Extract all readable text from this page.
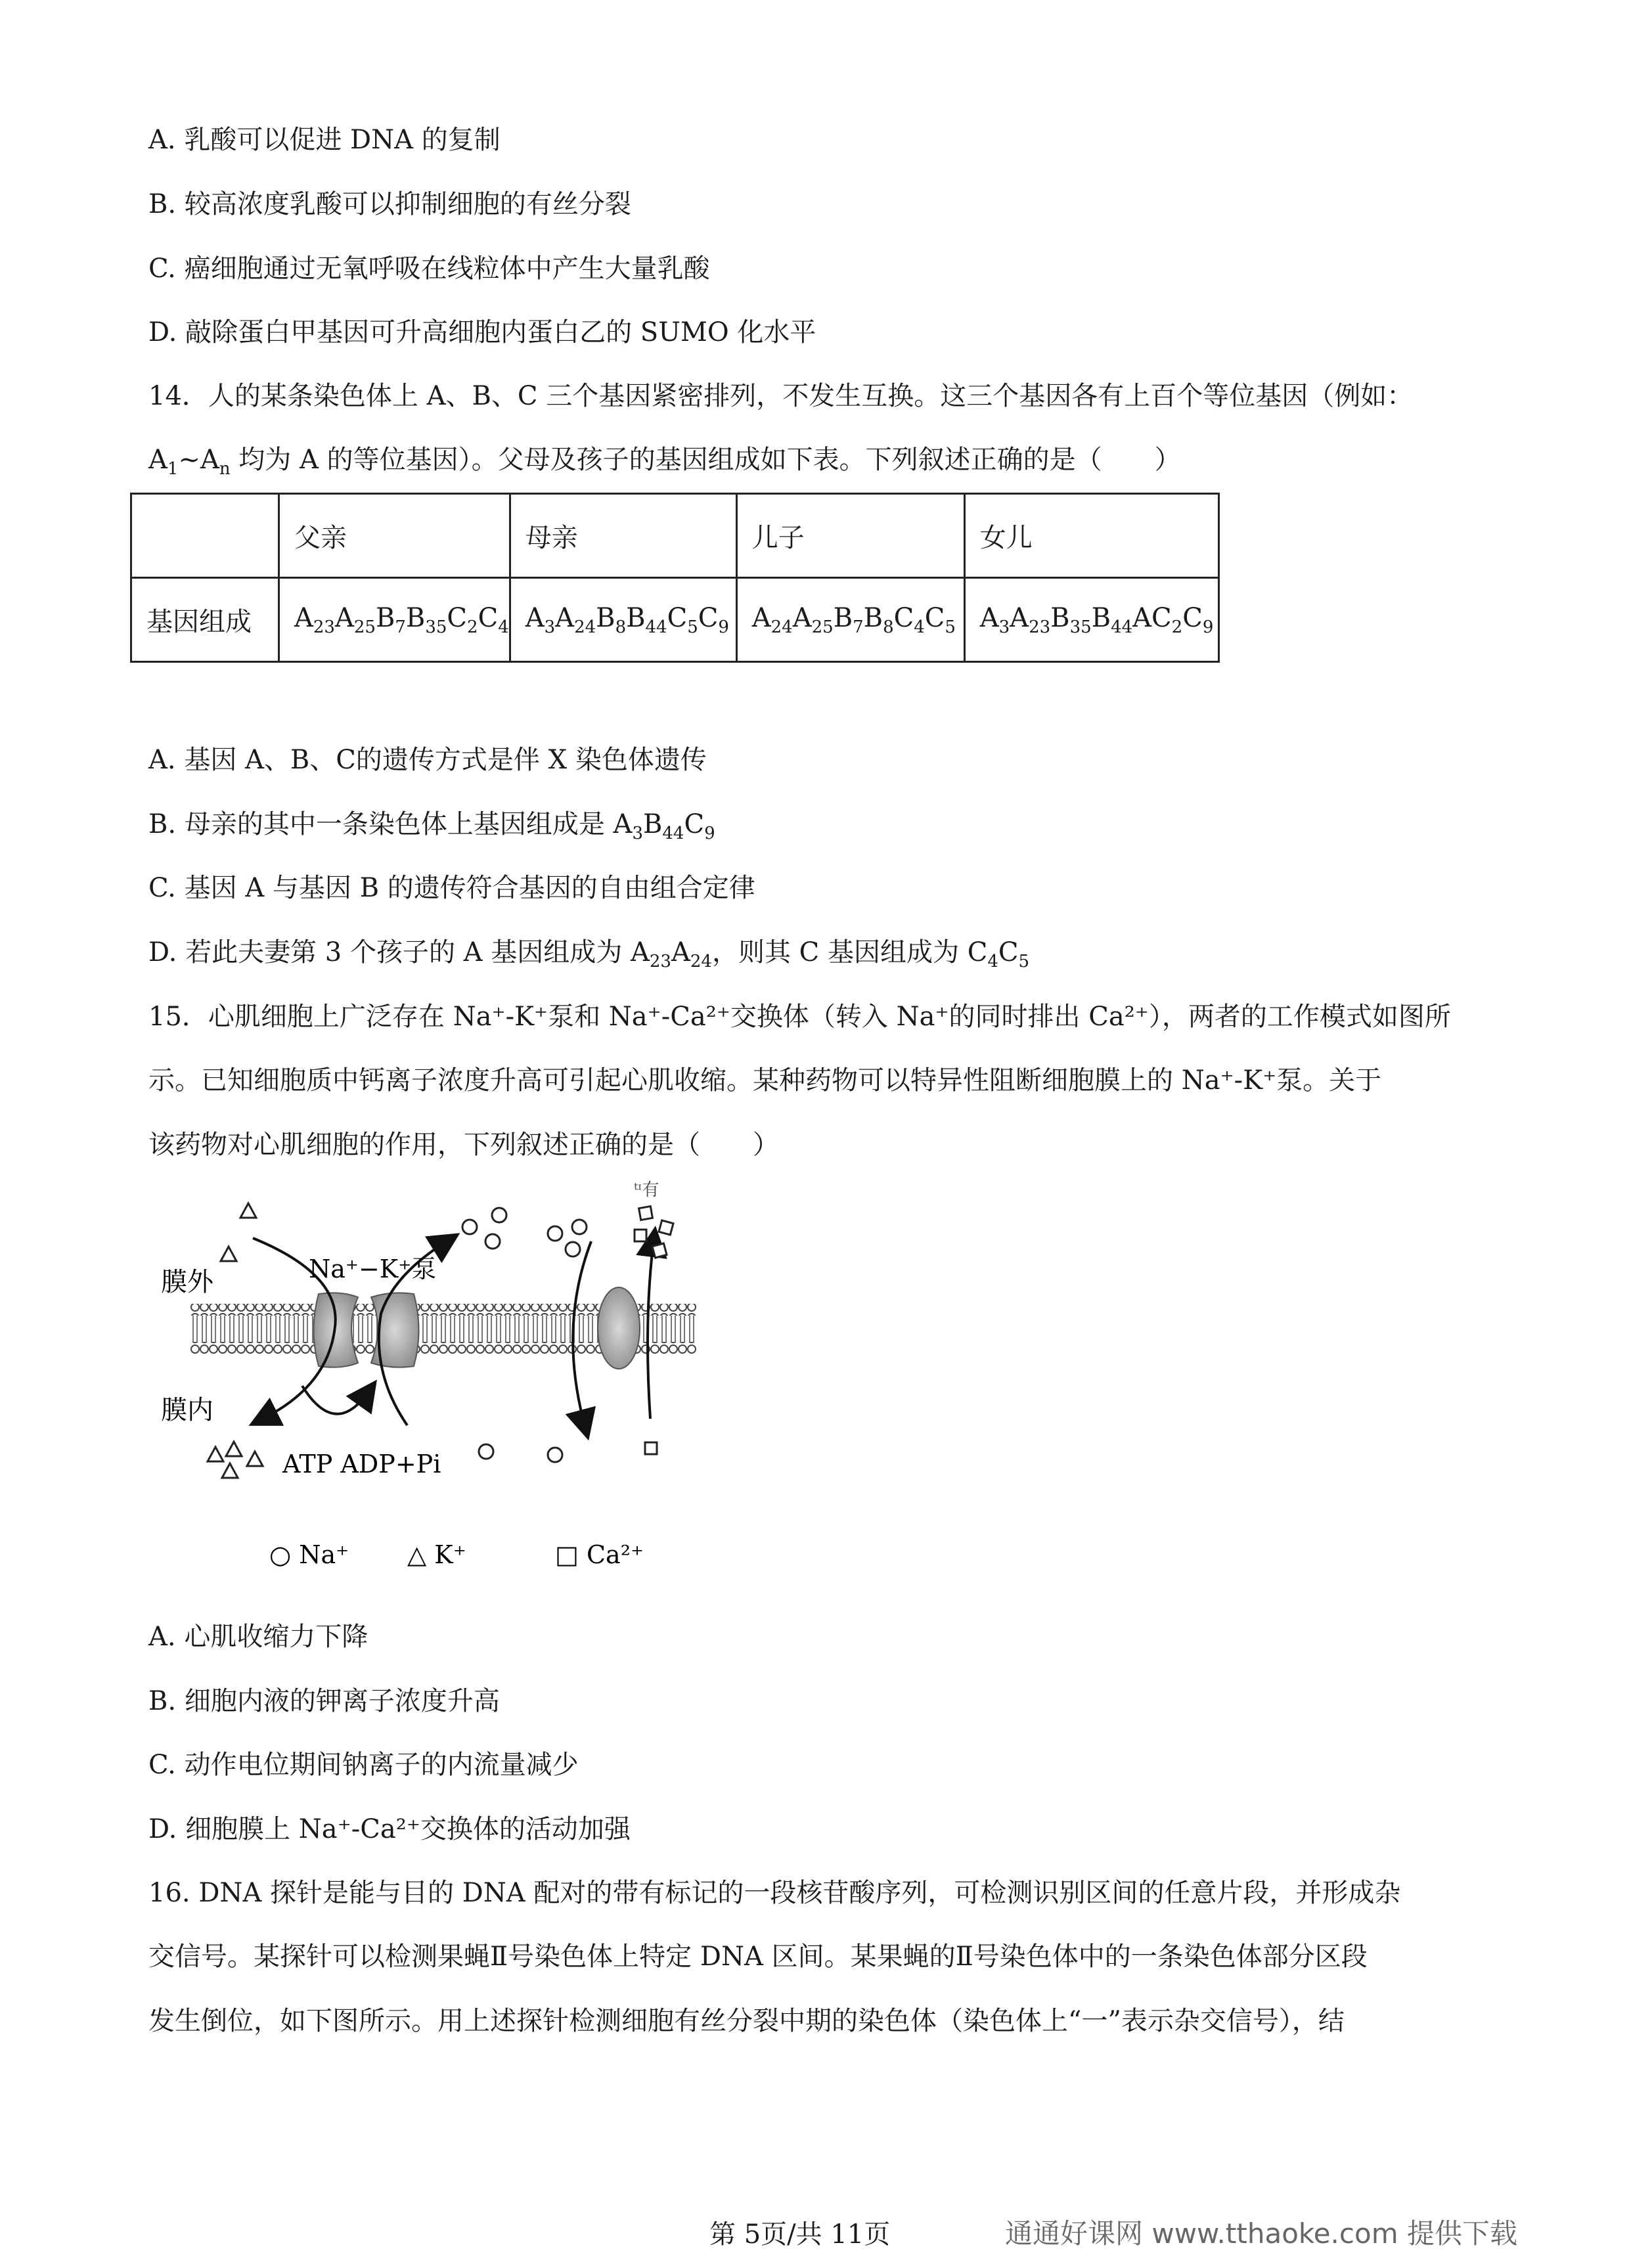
A. 乳酸可以促进 DNA 的复制
B. 较高浓度乳酸可以抑制细胞的有丝分裂
C. 癌细胞通过无氧呼吸在线粒体中产生大量乳酸
D. 敲除蛋白甲基因可升高细胞内蛋白乙的 SUMO 化水平
14．人的某条染色体上 A、B、C 三个基因紧密排列，不发生互换。这三个基因各有上百个等位基因（例如：
$A_1\sim A_n$ 均为 A 的等位基因）。父母及孩子的基因组成如下表。下列叙述正确的是（　　）
	父亲	母亲	儿子	女儿
基因组成	$A_{23}A_{25}B_7B_{35}C_2C_4$	$A_3A_{24}B_8B_{44}C_5C_9$	$A_{24}A_{25}B_7B_8C_4C_5$	$A_3A_{23}B_{35}B_{44}AC_2C_9$
A. 基因 A、B、C的遗传方式是伴 X 染色体遗传
B. 母亲的其中一条染色体上基因组成是 $A_3B_{44}C_9$
C. 基因 A 与基因 B 的遗传符合基因的自由组合定律
D. 若此夫妻第 3 个孩子的 A 基因组成为 $A_{23}A_{24}$，则其 C 基因组成为 $C_4C_5$
15．心肌细胞上广泛存在 Na⁺-K⁺泵和 Na⁺-Ca²⁺交换体（转入 Na⁺的同时排出 Ca²⁺），两者的工作模式如图所
示。已知细胞质中钙离子浓度升高可引起心肌收缩。某种药物可以特异性阻断细胞膜上的 Na⁺-K⁺泵。关于
该药物对心肌细胞的作用，下列叙述正确的是（　　）
膜外
膜内
Na⁺−K⁺泵
ATP ADP+Pi
ᵗᶦ有
○ Na⁺ △ K⁺	□ Ca²⁺
A. 心肌收缩力下降
B. 细胞内液的钾离子浓度升高
C. 动作电位期间钠离子的内流量减少
D. 细胞膜上 Na⁺-Ca²⁺交换体的活动加强
16. DNA 探针是能与目的 DNA 配对的带有标记的一段核苷酸序列，可检测识别区间的任意片段，并形成杂
交信号。某探针可以检测果蝇Ⅱ号染色体上特定 DNA 区间。某果蝇的Ⅱ号染色体中的一条染色体部分区段
发生倒位，如下图所示。用上述探针检测细胞有丝分裂中期的染色体（染色体上“一”表示杂交信号），结
第 5页/共 11页	通通好课网 www.tthaoke.com 提供下载
